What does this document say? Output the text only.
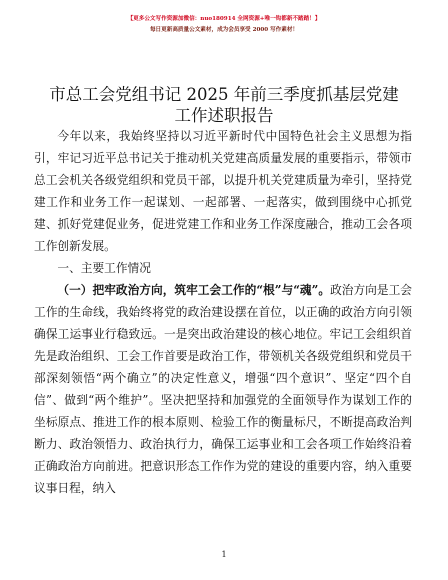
【更多公文写作资源加微信：nuo180914 全网资源+唯一钩都新不踏踏！】
每日更新高质量公文素材，成为会员享受 2000 写作素材！
市总工会党组书记 2025 年前三季度抓基层党建
工作述职报告

今年以来，我始终坚持以习近平新时代中国特色社会主义思想为指引，牢记习近平总书记关于推动机关党建高质量发展的重要指示，带领市总工会机关各级党组织和党员干部，以提升机关党建质量为牵引，坚持党建工作和业务工作一起谋划、一起部署、一起落实，做到围绕中心抓党建、抓好党建促业务，促进党建工作和业务工作深度融合，推动工会各项工作创新发展。

一、主要工作情况

（一）把牢政治方向，筑牢工会工作的“根”与“魂”。政治方向是工会工作的生命线，我始终将党的政治建设摆在首位，以正确的政治方向引领确保工运事业行稳致远。一是突出政治建设的核心地位。牢记工会组织首先是政治组织、工会工作首要是政治工作，带领机关各级党组织和党员干部深刻领悟“两个确立”的决定性意义，增强“四个意识”、坚定“四个自信”、做到“两个维护”。坚决把坚持和加强党的全面领导作为谋划工作的坐标原点、推进工作的根本原则、检验工作的衡量标尺，不断提高政治判断力、政治领悟力、政治执行力，确保工运事业和工会各项工作始终沿着正确政治方向前进。把意识形态工作作为党的建设的重要内容，纳入重要议事日程，纳入

1
